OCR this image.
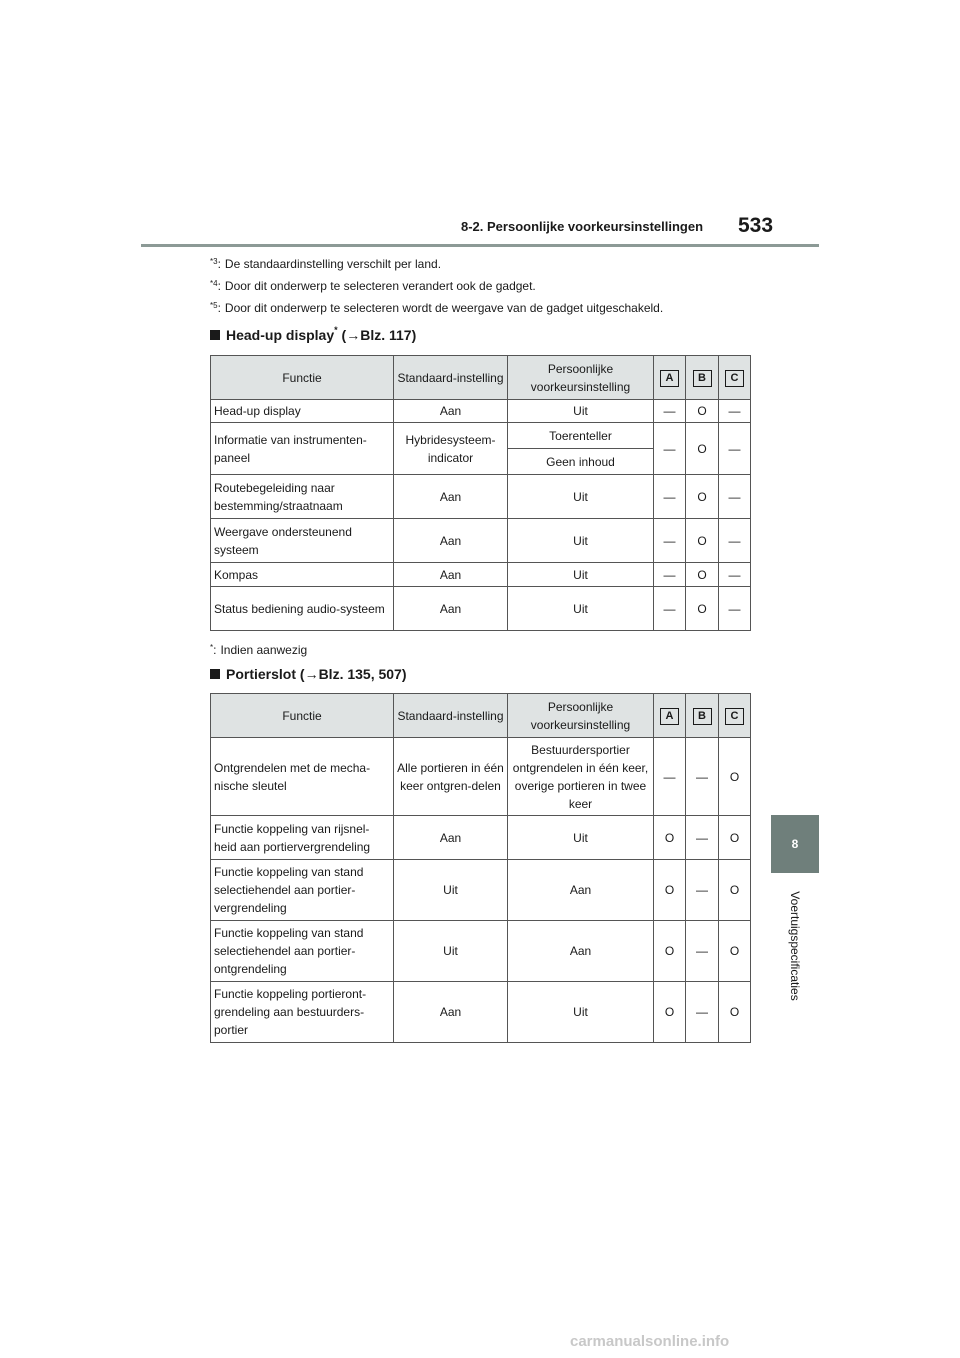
8-2. Persoonlijke voorkeursinstellingen 533
8
Voertuigspecificaties
$^{*3}$: De standaardinstelling verschilt per land.
$^{*4}$: Door dit onderwerp te selecteren verandert ook de gadget.
$^{*5}$: Door dit onderwerp te selecteren wordt de weergave van de gadget uitgeschakeld.
Head-up display* (→Blz. 117)
Functie	Standaard-instelling	Persoonlijke voorkeursinstelling	A	B	C
Head-up display	Aan	Uit	—	O	—
Informatie van instrumenten-paneel	Hybridesysteem-indicator	Toerenteller	—	O	—
		Geen inhoud			
Routebegeleiding naar bestemming/straatnaam	Aan	Uit	—	O	—
Weergave ondersteunend systeem	Aan	Uit	—	O	—
Kompas	Aan	Uit	—	O	—
Status bediening audio-systeem	Aan	Uit	—	O	—
*: Indien aanwezig
Portierslot (→Blz. 135, 507)
Functie	Standaard-instelling	Persoonlijke voorkeursinstelling	A	B	C
Ontgrendelen met de mecha-nische sleutel	Alle portieren in één keer ontgren-delen	Bestuurdersportier ontgrendelen in één keer, overige portieren in twee keer	—	—	O
Functie koppeling van rijsnel-heid aan portiervergrendeling	Aan	Uit	O	—	O
Functie koppeling van stand selectiehendel aan portier-vergrendeling	Uit	Aan	O	—	O
Functie koppeling van stand selectiehendel aan portier-ontgrendeling	Uit	Aan	O	—	O
Functie koppeling portieront-grendeling aan bestuurders-portier	Aan	Uit	O	—	O
carmanualsonline.info
